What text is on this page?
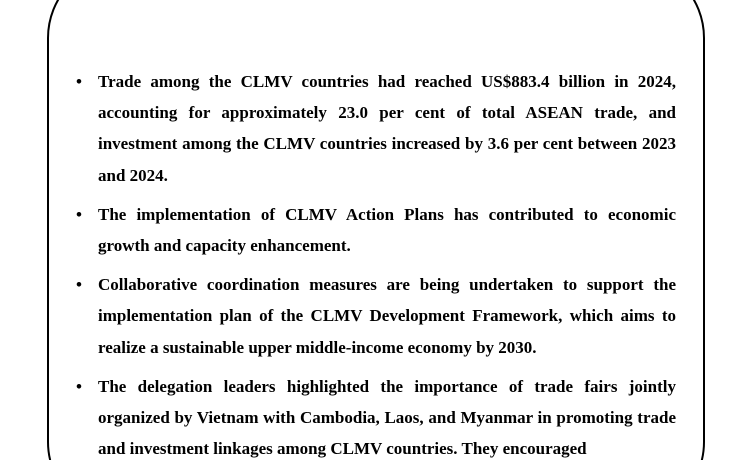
• Trade among the CLMV countries had reached US$883.4 billion in 2024, accounting for approximately 23.0 per cent of total ASEAN trade, and investment among the CLMV countries increased by 3.6 per cent between 2023 and 2024.
• The implementation of CLMV Action Plans has contributed to economic growth and capacity enhancement.
• Collaborative coordination measures are being undertaken to support the implementation plan of the CLMV Development Framework, which aims to realize a sustainable upper middle-income economy by 2030.
• The delegation leaders highlighted the importance of trade fairs jointly organized by Vietnam with Cambodia, Laos, and Myanmar in promoting trade and investment linkages among CLMV countries. They encouraged
